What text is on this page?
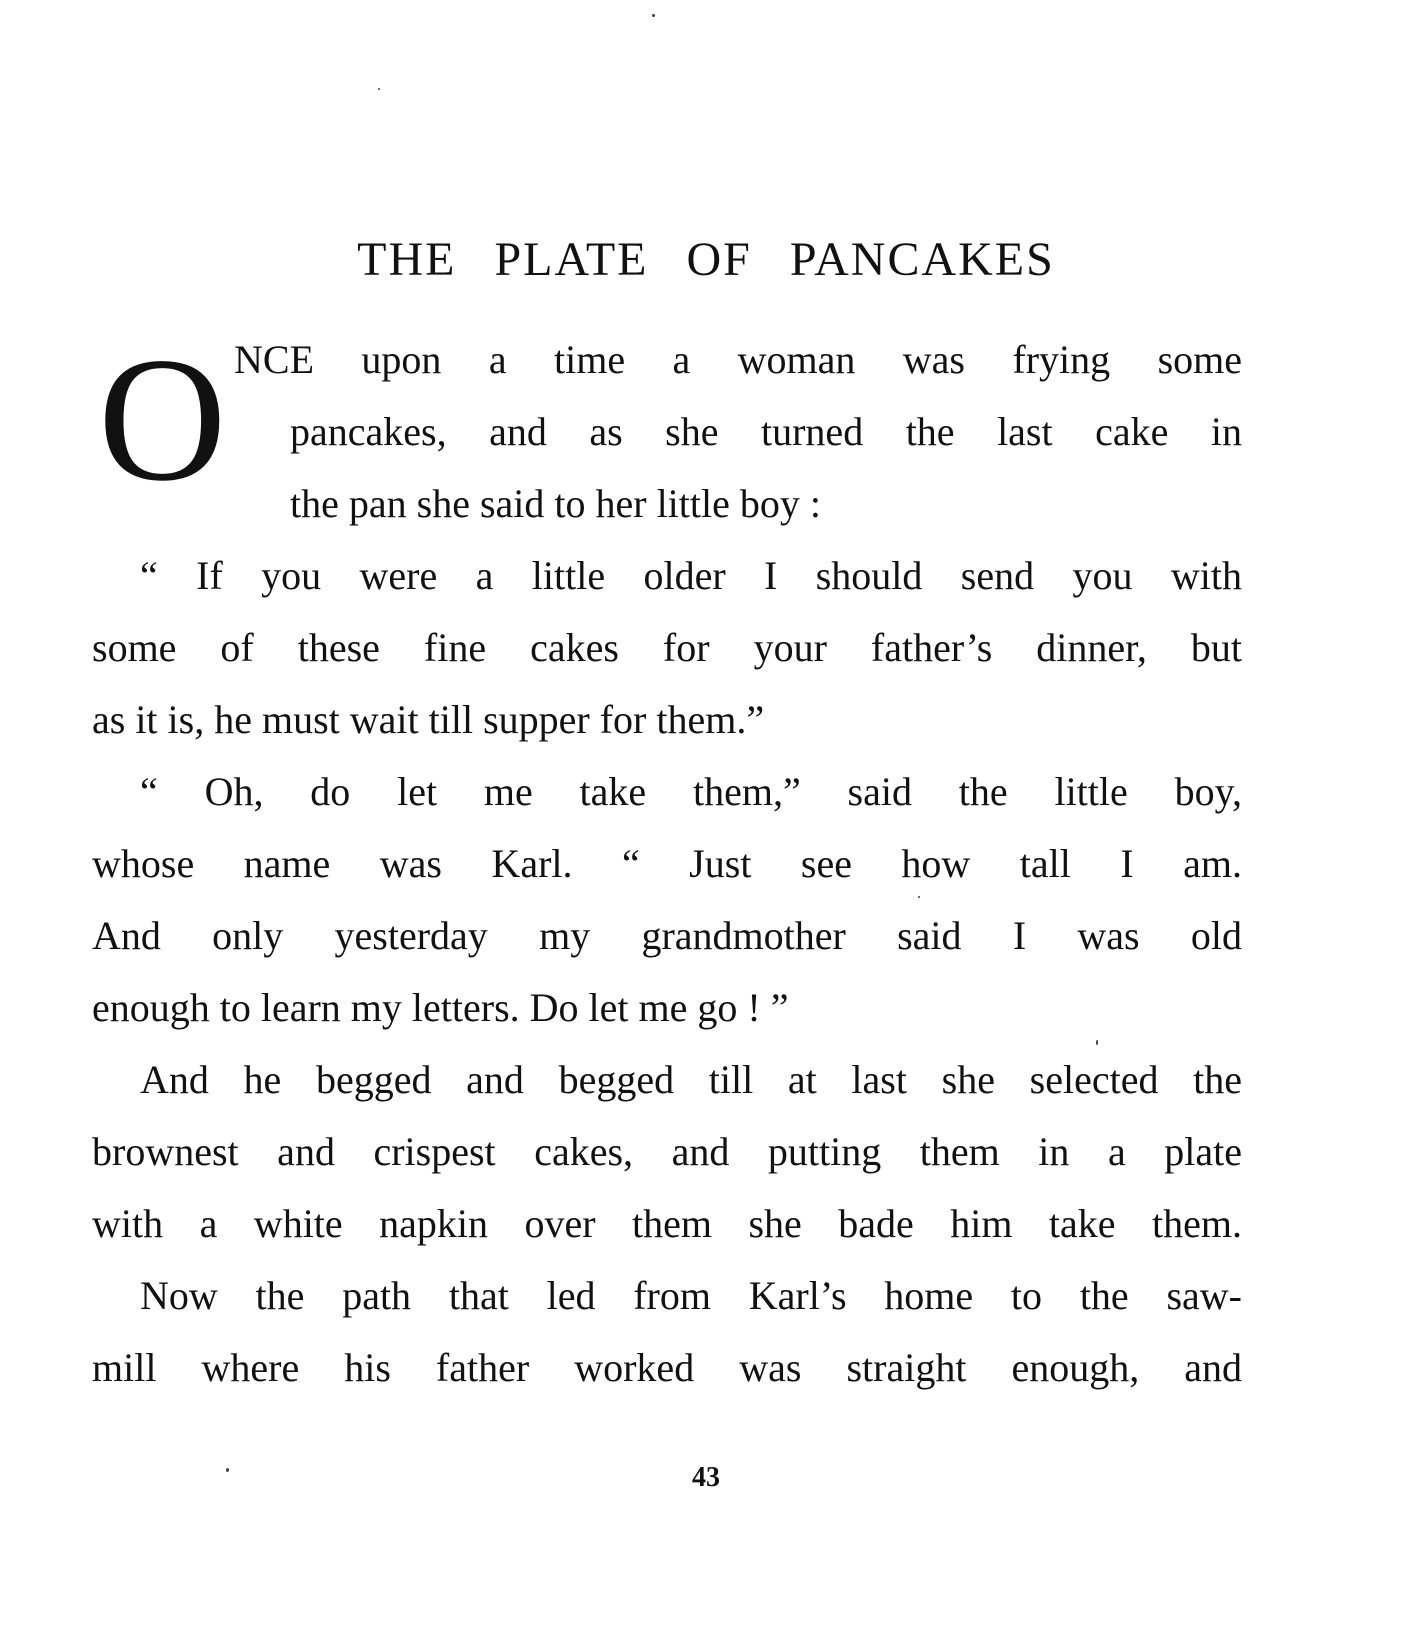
THE PLATE OF PANCAKES
O NCE upon a time a woman was frying some
pancakes, and as she turned the last cake in
the pan she said to her little boy :
“ If you were a little older I should send you with
some of these fine cakes for your father’s dinner, but
as it is, he must wait till supper for them.”
“ Oh, do let me take them,” said the little boy,
whose name was Karl. “ Just see how tall I am.
And only yesterday my grandmother said I was old
enough to learn my letters. Do let me go ! ”
And he begged and begged till at last she selected the
brownest and crispest cakes, and putting them in a plate
with a white napkin over them she bade him take them.
Now the path that led from Karl’s home to the saw-
mill where his father worked was straight enough, and
43
